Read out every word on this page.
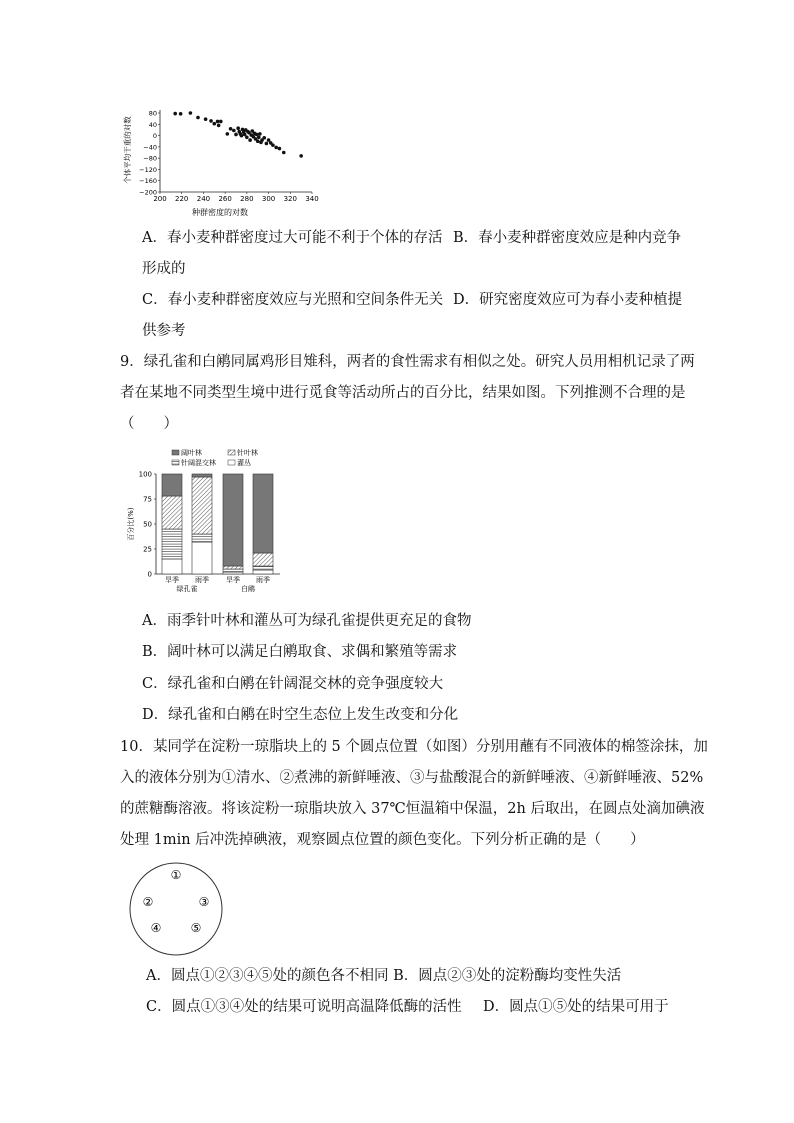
200 220 240 260 280 300 320 340
80
40
0
−40
−80
−120
−160
−200
种群密度的对数
个体平均干重的对数
A．春小麦种群密度过大可能不利于个体的存活 B．春小麦种群密度效应是种内竞争
形成的
C．春小麦种群密度效应与光照和空间条件无关 D．研究密度效应可为春小麦种植提
供参考
9．绿孔雀和白鹇同属鸡形目雉科，两者的食性需求有相似之处。研究人员用相机记录了两
者在某地不同类型生境中进行觅食等活动所占的百分比，结果如图。下列推测不合理的是
（　　）
阔叶林	针叶林
针阔混交林	灌丛
0
25
50
75
100
旱季 雨季 旱季 雨季
绿孔雀	白鹇
百分比(%)
A．雨季针叶林和灌丛可为绿孔雀提供更充足的食物
B．阔叶林可以满足白鹇取食、求偶和繁殖等需求
C．绿孔雀和白鹇在针阔混交林的竞争强度较大
D．绿孔雀和白鹇在时空生态位上发生改变和分化
10．某同学在淀粉一琼脂块上的 5 个圆点位置（如图）分别用蘸有不同液体的棉签涂抹，加
入的液体分别为①清水、②煮沸的新鲜唾液、③与盐酸混合的新鲜唾液、④新鲜唾液、52%
的蔗糖酶溶液。将该淀粉一琼脂块放入 37℃恒温箱中保温，2h 后取出，在圆点处滴加碘液
处理 1min 后冲洗掉碘液，观察圆点位置的颜色变化。下列分析正确的是（　　）
①
②	③
④ ⑤
A．圆点①②③④⑤处的颜色各不相同 B．圆点②③处的淀粉酶均变性失活
C．圆点①③④处的结果可说明高温降低酶的活性 D．圆点①⑤处的结果可用于
